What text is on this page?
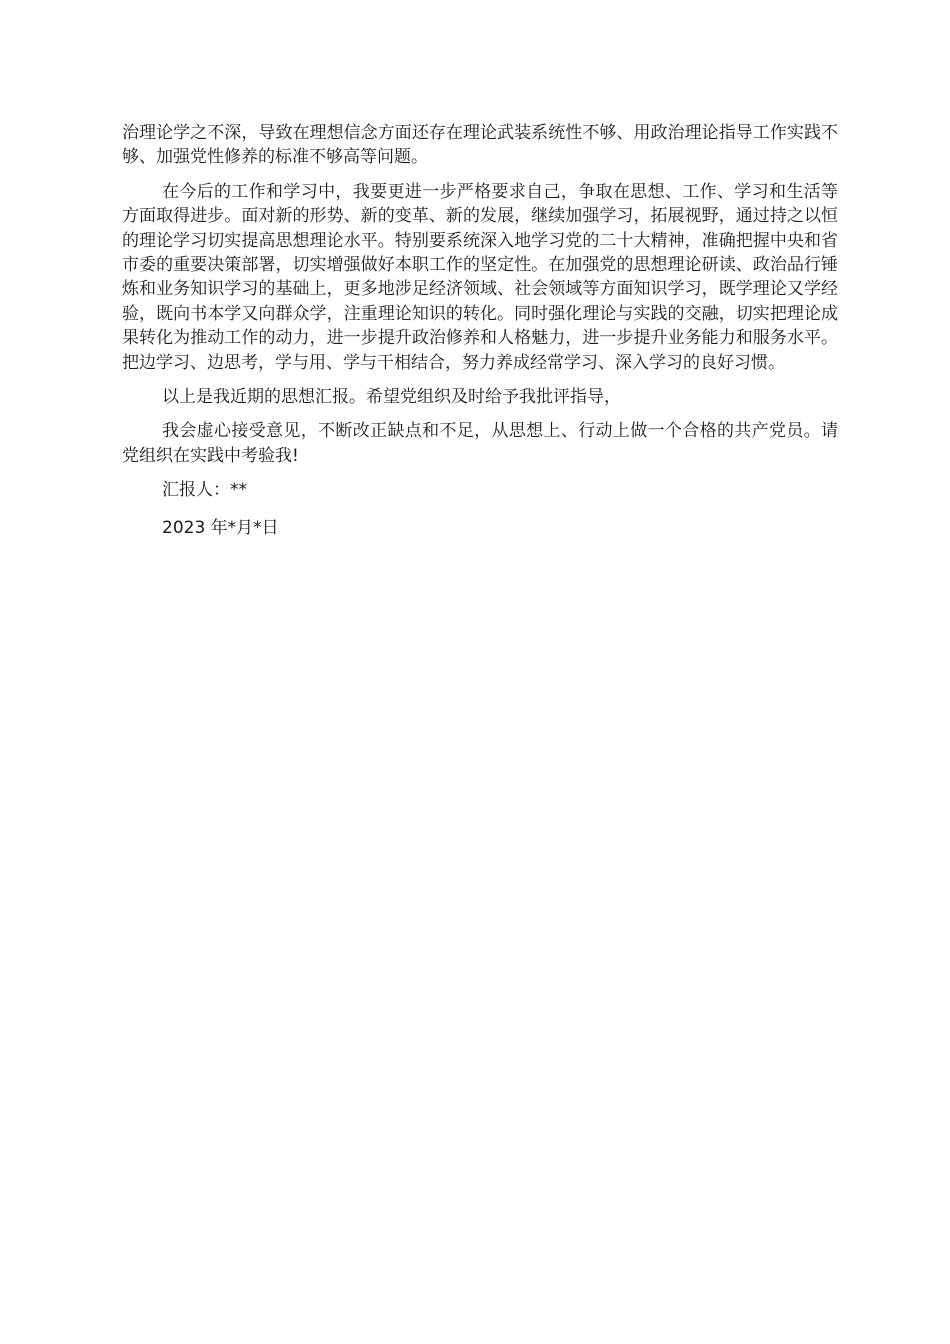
治理论学之不深，导致在理想信念方面还存在理论武装系统性不够、用政治理论指导工作实践不够、加强党性修养的标准不够高等问题。

在今后的工作和学习中，我要更进一步严格要求自己，争取在思想、工作、学习和生活等方面取得进步。面对新的形势、新的变革、新的发展，继续加强学习，拓展视野，通过持之以恒的理论学习切实提高思想理论水平。特别要系统深入地学习党的二十大精神，准确把握中央和省市委的重要决策部署，切实增强做好本职工作的坚定性。在加强党的思想理论研读、政治品行锤炼和业务知识学习的基础上，更多地涉足经济领域、社会领域等方面知识学习，既学理论又学经验，既向书本学又向群众学，注重理论知识的转化。同时强化理论与实践的交融，切实把理论成果转化为推动工作的动力，进一步提升政治修养和人格魅力，进一步提升业务能力和服务水平。把边学习、边思考，学与用、学与干相结合，努力养成经常学习、深入学习的良好习惯。

以上是我近期的思想汇报。希望党组织及时给予我批评指导，

我会虚心接受意见，不断改正缺点和不足，从思想上、行动上做一个合格的共产党员。请党组织在实践中考验我!

汇报人：**

2023 年*月*日
